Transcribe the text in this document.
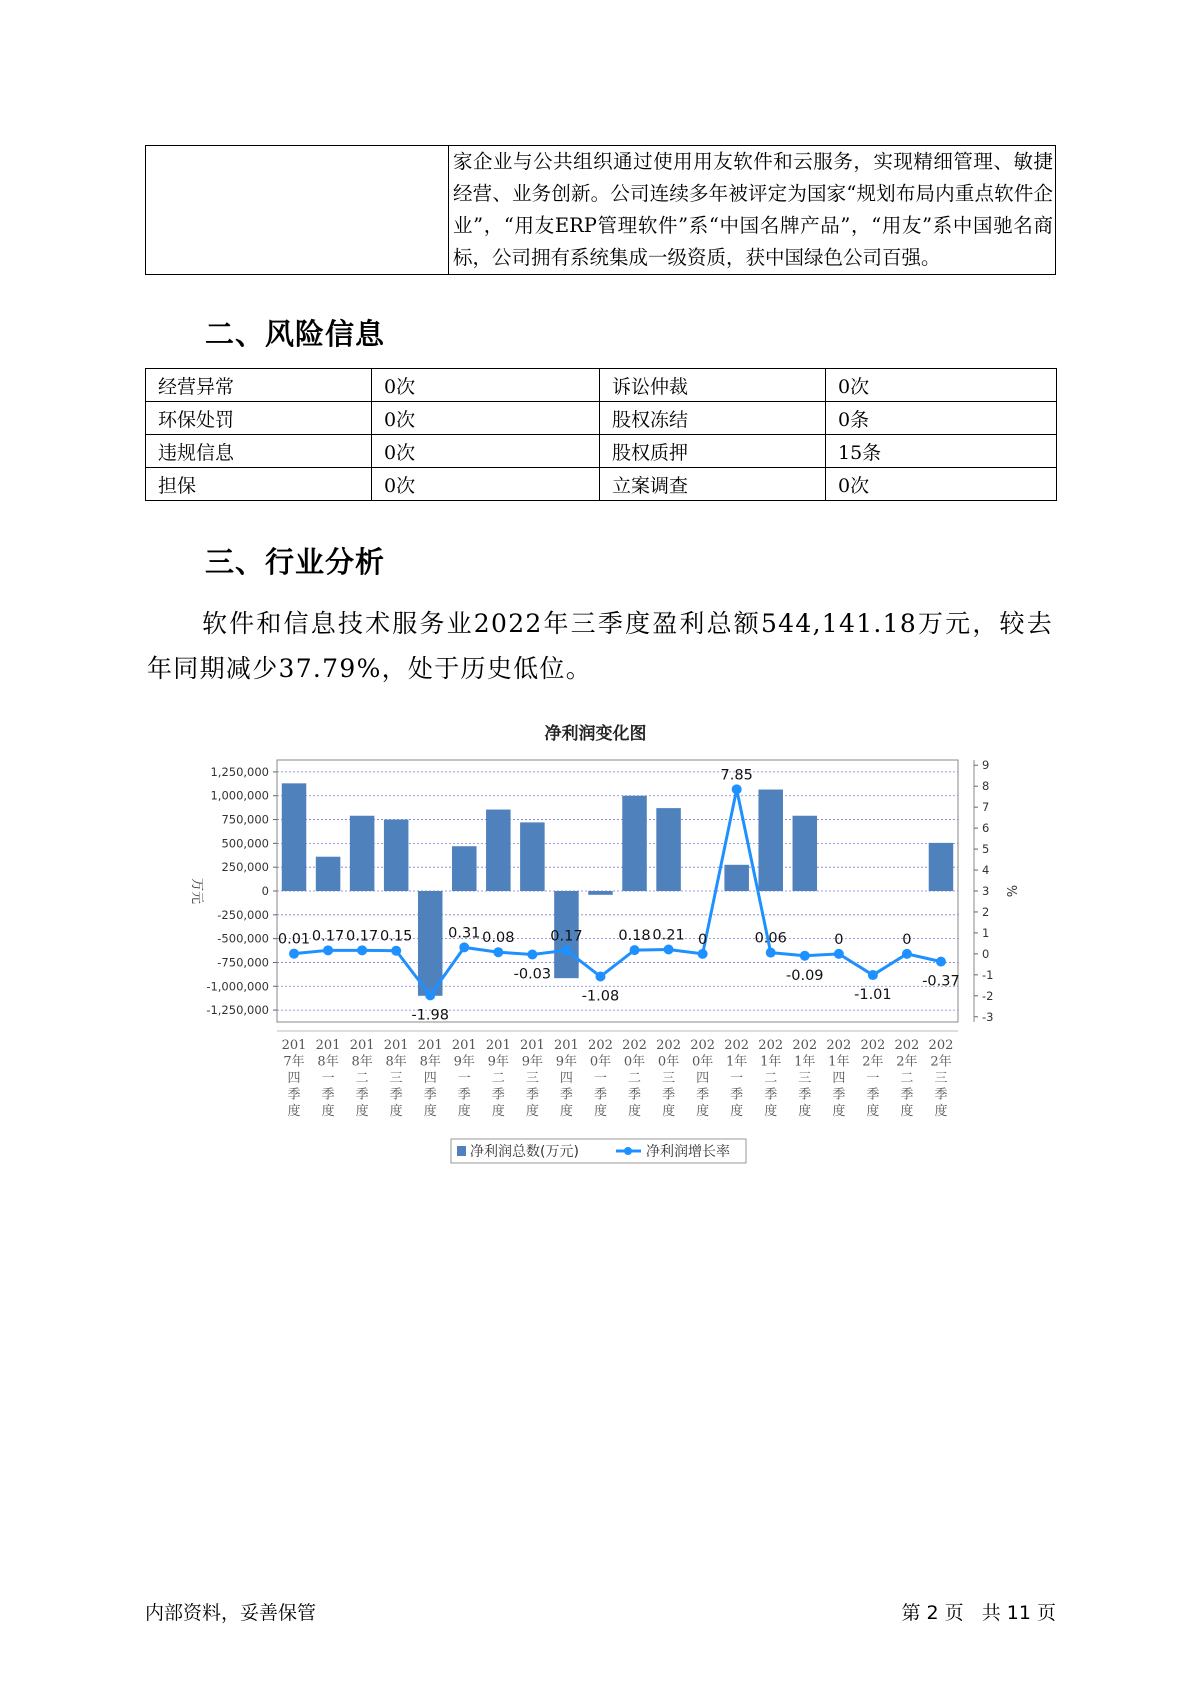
家企业与公共组织通过使用用友软件和云服务，实现精细管理、敏捷经营、业务创新。公司连续多年被评定为国家“规划布局内重点软件企业”，“用友ERP管理软件”系“中国名牌产品”，“用友”系中国驰名商标，公司拥有系统集成一级资质，获中国绿色公司百强。
二、风险信息
经营异常	0次	诉讼仲裁	0次
环保处罚	0次	股权冻结	0条
违规信息	0次	股权质押	15条
担保	0次	立案调查	0次
三、行业分析
软件和信息技术服务业2022年三季度盈利总额544,141.18万元，较去年同期减少37.79%，处于历史低位。
净利润变化图
1,250,000
1,000,000
750,000
500,000
250,000
0
-250,000
-500,000
-750,000
-1,000,000
-1,250,000
9
8
7
6
5
4
3
2
1
0
-1
-2
-3
万元	%
0.01 0.17 0.17 0.15
-1.98
0.31 0.08
-0.03
0.17
-1.08
0.18 0.21 0
7.85
0.06
-0.09
0
-1.01
0
-0.37
201
7年
四
季
度
201
8年
一
季
度
201
8年
二
季
度
201
8年
三
季
度
201
8年
四
季
度
201
9年
一
季
度
201
9年
二
季
度
201
9年
三
季
度
201
9年
四
季
度
202
0年
一
季
度
202
0年
二
季
度
202
0年
三
季
度
202
0年
四
季
度
202
1年
一
季
度
202
1年
二
季
度
202
1年
三
季
度
202
1年
四
季
度
202
2年
一
季
度
202
2年
二
季
度
202
2年
三
季
度
净利润总数(万元)	净利润增长率
内部资料，妥善保管	第 2 页   共 11 页
